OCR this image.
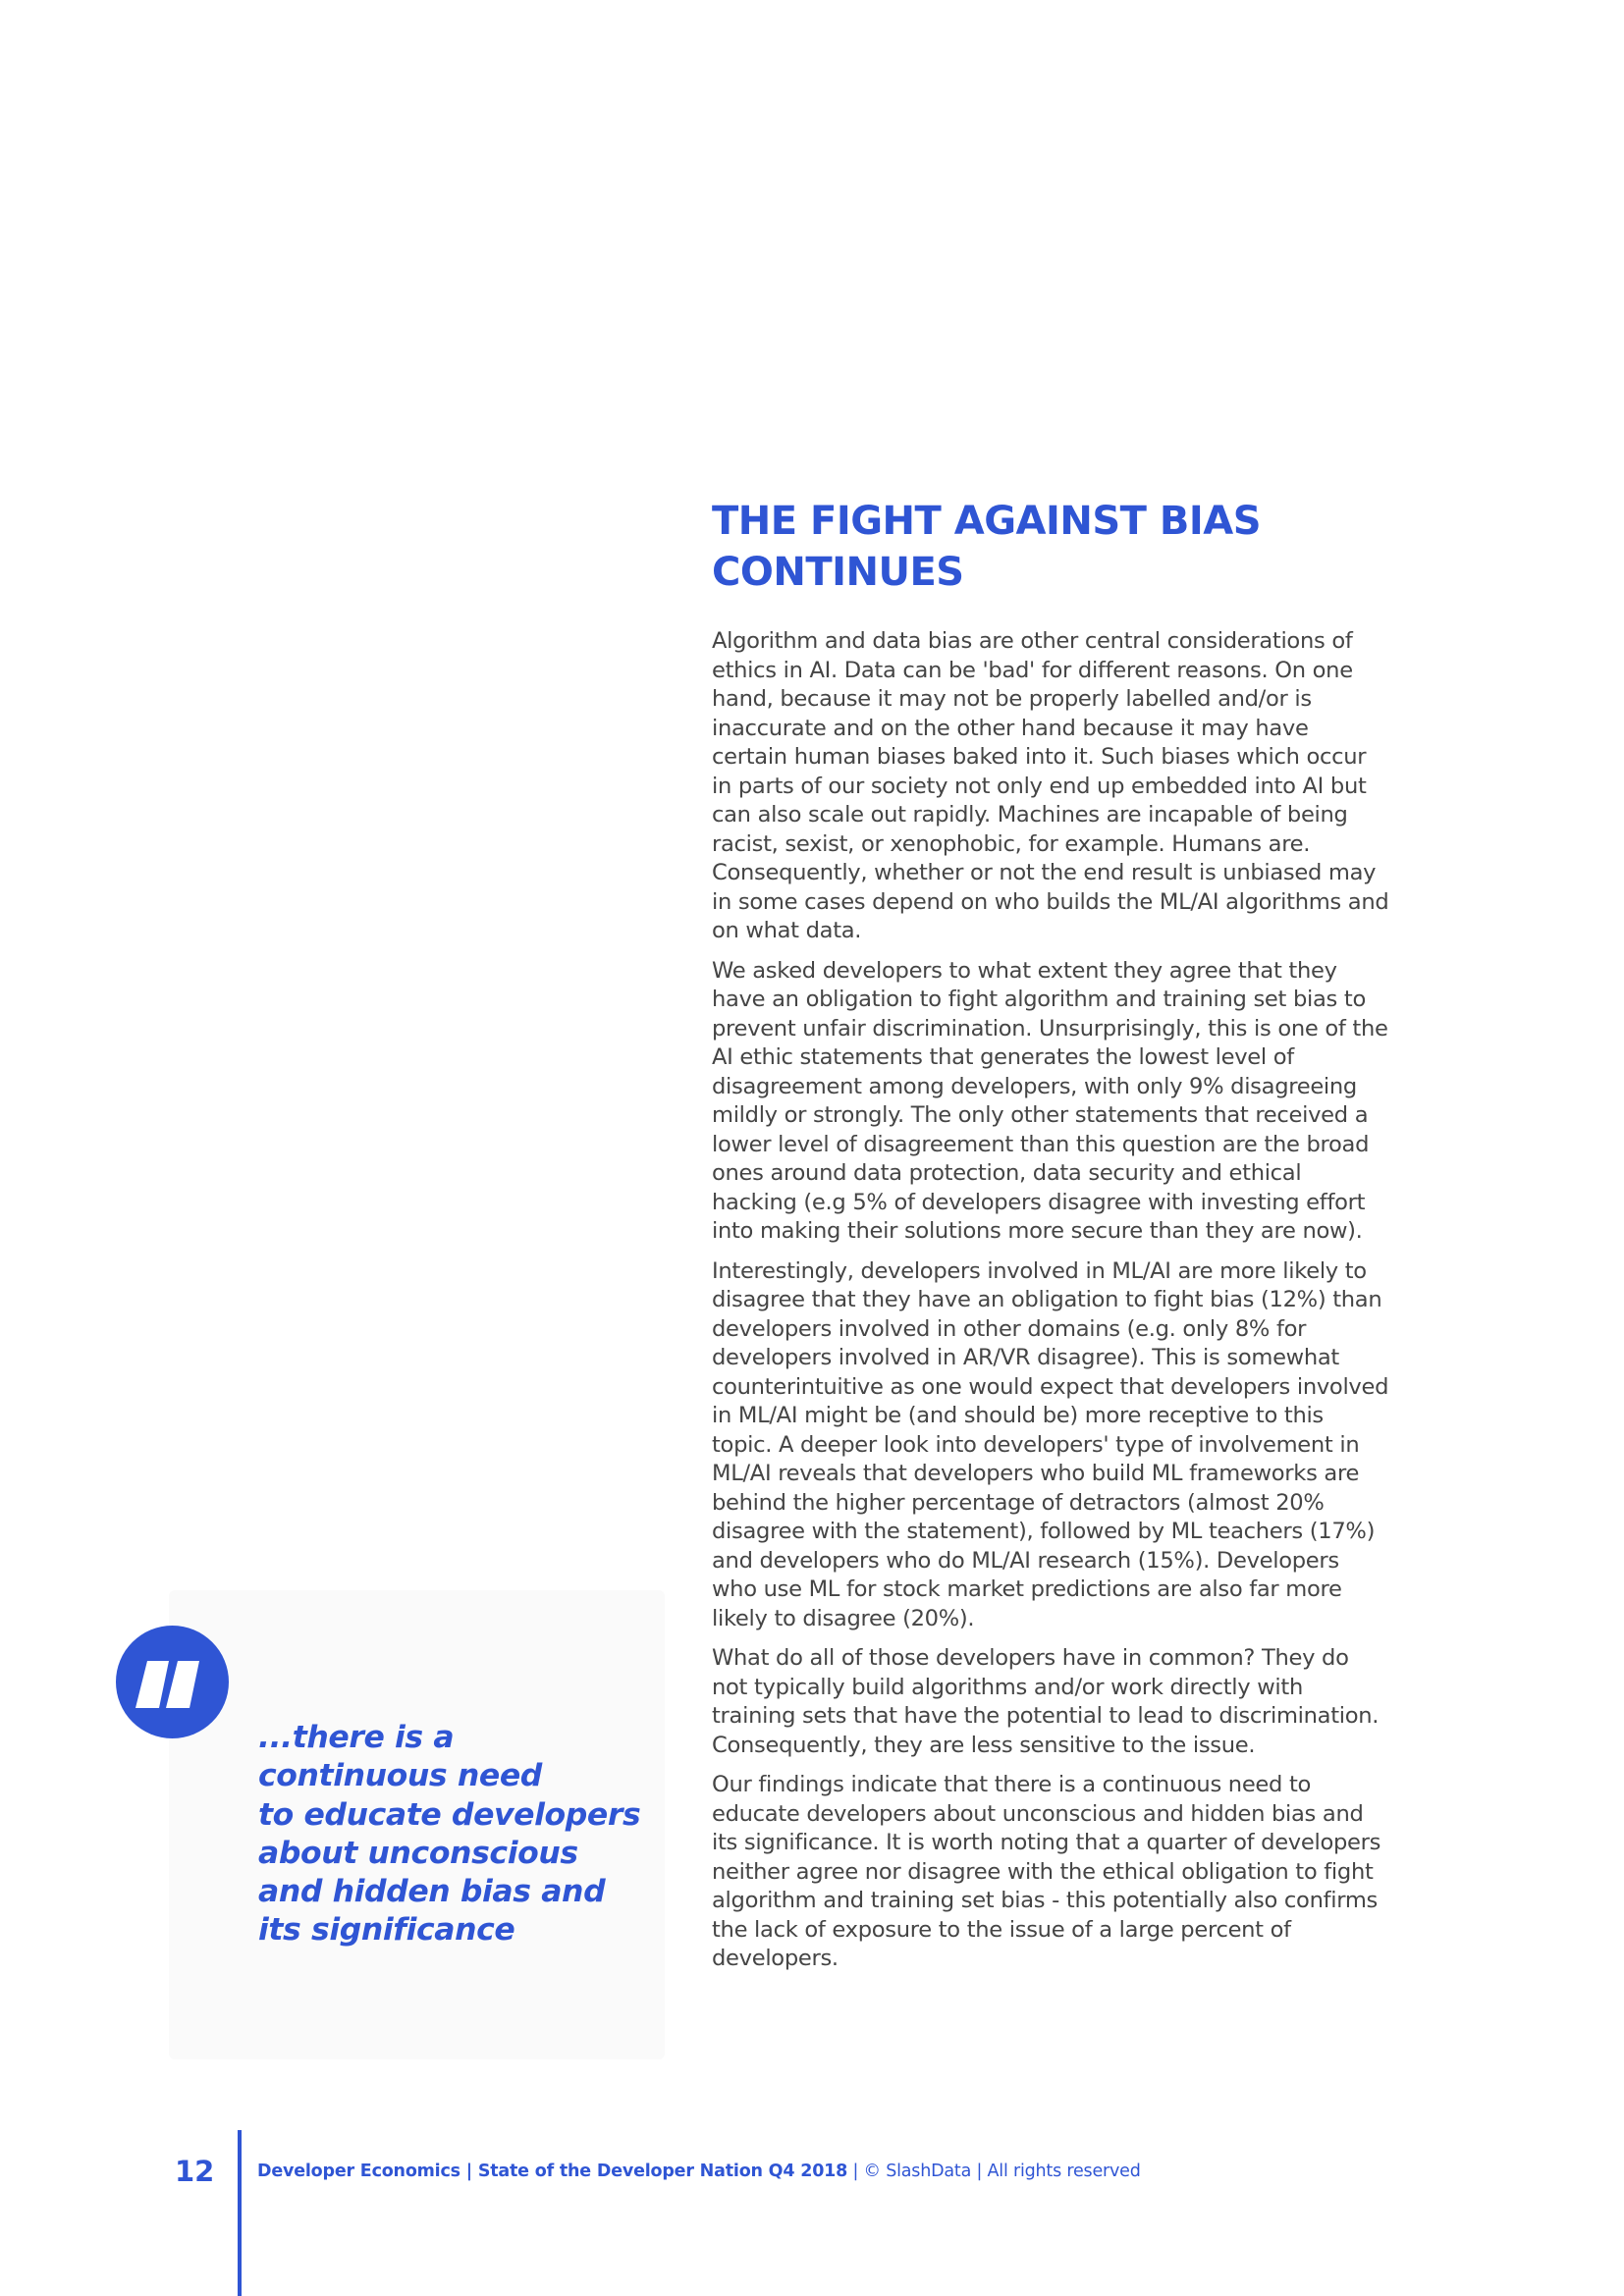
THE FIGHT AGAINST BIAS
CONTINUES

Algorithm and data bias are other central considerations of ethics in AI. Data can be 'bad' for different reasons. On one hand, because it may not be properly labelled and/or is inaccurate and on the other hand because it may have certain human biases baked into it. Such biases which occur in parts of our society not only end up embedded into AI but can also scale out rapidly. Machines are incapable of being racist, sexist, or xenophobic, for example. Humans are. Consequently, whether or not the end result is unbiased may in some cases depend on who builds the ML/AI algorithms and on what data.

We asked developers to what extent they agree that they have an obligation to fight algorithm and training set bias to prevent unfair discrimination. Unsurprisingly, this is one of the AI ethic statements that generates the lowest level of disagreement among developers, with only 9% disagreeing mildly or strongly. The only other statements that received a lower level of disagreement than this question are the broad ones around data protection, data security and ethical hacking (e.g 5% of developers disagree with investing effort into making their solutions more secure than they are now).

Interestingly, developers involved in ML/AI are more likely to disagree that they have an obligation to fight bias (12%) than developers involved in other domains (e.g. only 8% for developers involved in AR/VR disagree). This is somewhat counterintuitive as one would expect that developers involved in ML/AI might be (and should be) more receptive to this topic. A deeper look into developers' type of involvement in ML/AI reveals that developers who build ML frameworks are behind the higher percentage of detractors (almost 20% disagree with the statement), followed by ML teachers (17%) and developers who do ML/AI research (15%). Developers who use ML for stock market predictions are also far more likely to disagree (20%).

What do all of those developers have in common? They do not typically build algorithms and/or work directly with training sets that have the potential to lead to discrimination. Consequently, they are less sensitive to the issue.

Our findings indicate that there is a continuous need to educate developers about unconscious and hidden bias and its significance. It is worth noting that a quarter of developers neither agree nor disagree with the ethical obligation to fight algorithm and training set bias - this potentially also confirms the lack of exposure to the issue of a large percent of developers.

...there is a
continuous need
to educate developers
about unconscious
and hidden bias and
its significance

12 Developer Economics | State of the Developer Nation Q4 2018 | © SlashData | All rights reserved
